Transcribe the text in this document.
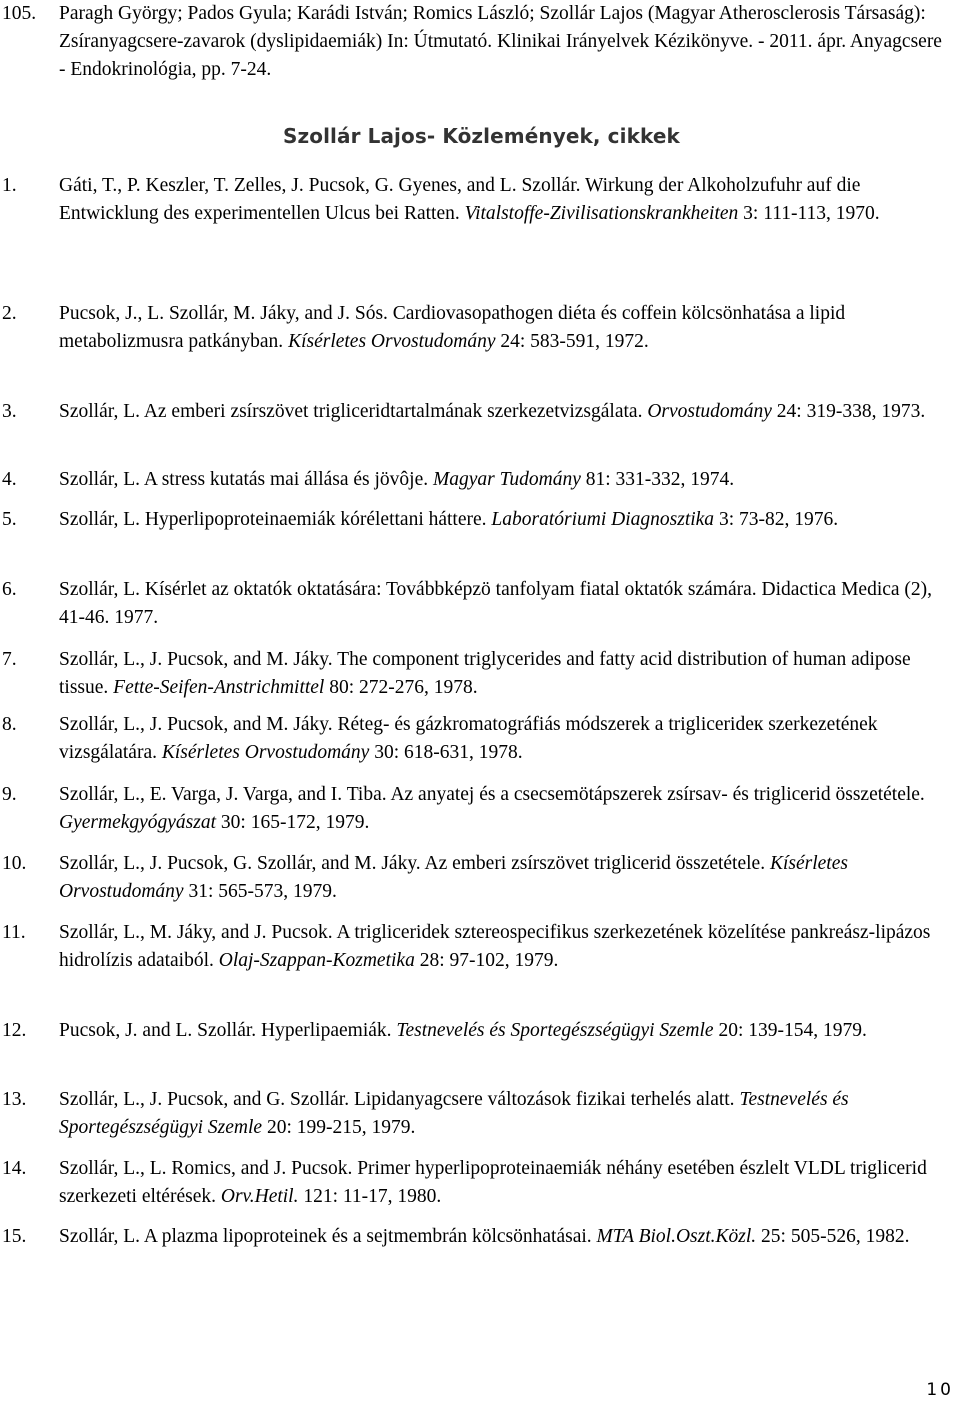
105. Paragh György; Pados Gyula; Karádi István; Romics László; Szollár Lajos (Magyar Atherosclerosis Társaság): Zsíranyagcsere-zavarok (dyslipidaemiák) In: Útmutató. Klinikai Irányelvek Kézikönyve. - 2011. ápr. Anyagcsere - Endokrinológia, pp. 7-24.
Szollár Lajos- Közlemények, cikkek
1. Gáti, T., P. Keszler, T. Zelles, J. Pucsok, G. Gyenes, and L. Szollár. Wirkung der Alkoholzufuhr auf die Entwicklung des experimentellen Ulcus bei Ratten. Vitalstoffe-Zivilisationskrankheiten 3: 111-113, 1970.
2. Pucsok, J., L. Szollár, M. Jáky, and J. Sós. Cardiovasopathogen diéta és coffein kölcsönhatása a lipid metabolizmusra patkányban. Kísérletes Orvostudomány 24: 583-591, 1972.
3. Szollár, L. Az emberi zsírszövet trigliceridtartalmának szerkezetvizsgálata. Orvostudomány 24: 319-338, 1973.
4. Szollár, L. A stress kutatás mai állása és jövôje. Magyar Tudomány 81: 331-332, 1974.
5. Szollár, L. Hyperlipoproteinaemiák kórélettani háttere. Laboratóriumi Diagnosztika 3: 73-82, 1976.
6. Szollár, L. Kísérlet az oktatók oktatására: Továbbképzö tanfolyam fiatal oktatók számára. Didactica Medica (2), 41-46. 1977.
7. Szollár, L., J. Pucsok, and M. Jáky. The component triglycerides and fatty acid distribution of human adipose tissue. Fette-Seifen-Anstrichmittel 80: 272-276, 1978.
8. Szollár, L., J. Pucsok, and M. Jáky. Réteg- és gázkromatográfiás módszerek a triglicerideк szerkezetének vizsgálatára. Kísérletes Orvostudomány 30: 618-631, 1978.
9. Szollár, L., E. Varga, J. Varga, and I. Tiba. Az anyatej és a csecsemötápszerek zsírsav- és triglicerid összetétele. Gyermekgyógyászat 30: 165-172, 1979.
10. Szollár, L., J. Pucsok, G. Szollár, and M. Jáky. Az emberi zsírszövet triglicerid összetétele. Kísérletes Orvostudomány 31: 565-573, 1979.
11. Szollár, L., M. Jáky, and J. Pucsok. A trigliceridek sztereospecifikus szerkezetének közelítése pankreász-lipázos hidrolízis adataiból. Olaj-Szappan-Kozmetika 28: 97-102, 1979.
12. Pucsok, J. and L. Szollár. Hyperlipaemiák. Testnevelés és Sportegészségügyi Szemle 20: 139-154, 1979.
13. Szollár, L., J. Pucsok, and G. Szollár. Lipidanyagcsere változások fizikai terhelés alatt. Testnevelés és Sportegészségügyi Szemle 20: 199-215, 1979.
14. Szollár, L., L. Romics, and J. Pucsok. Primer hyperlipoproteinaemiák néhány esetében észlelt VLDL triglicerid szerkezeti eltérések. Orv.Hetil. 121: 11-17, 1980.
15. Szollár, L. A plazma lipoproteinek és a sejtmembrán kölcsönhatásai. MTA Biol.Oszt.Közl. 25: 505-526, 1982.
10
